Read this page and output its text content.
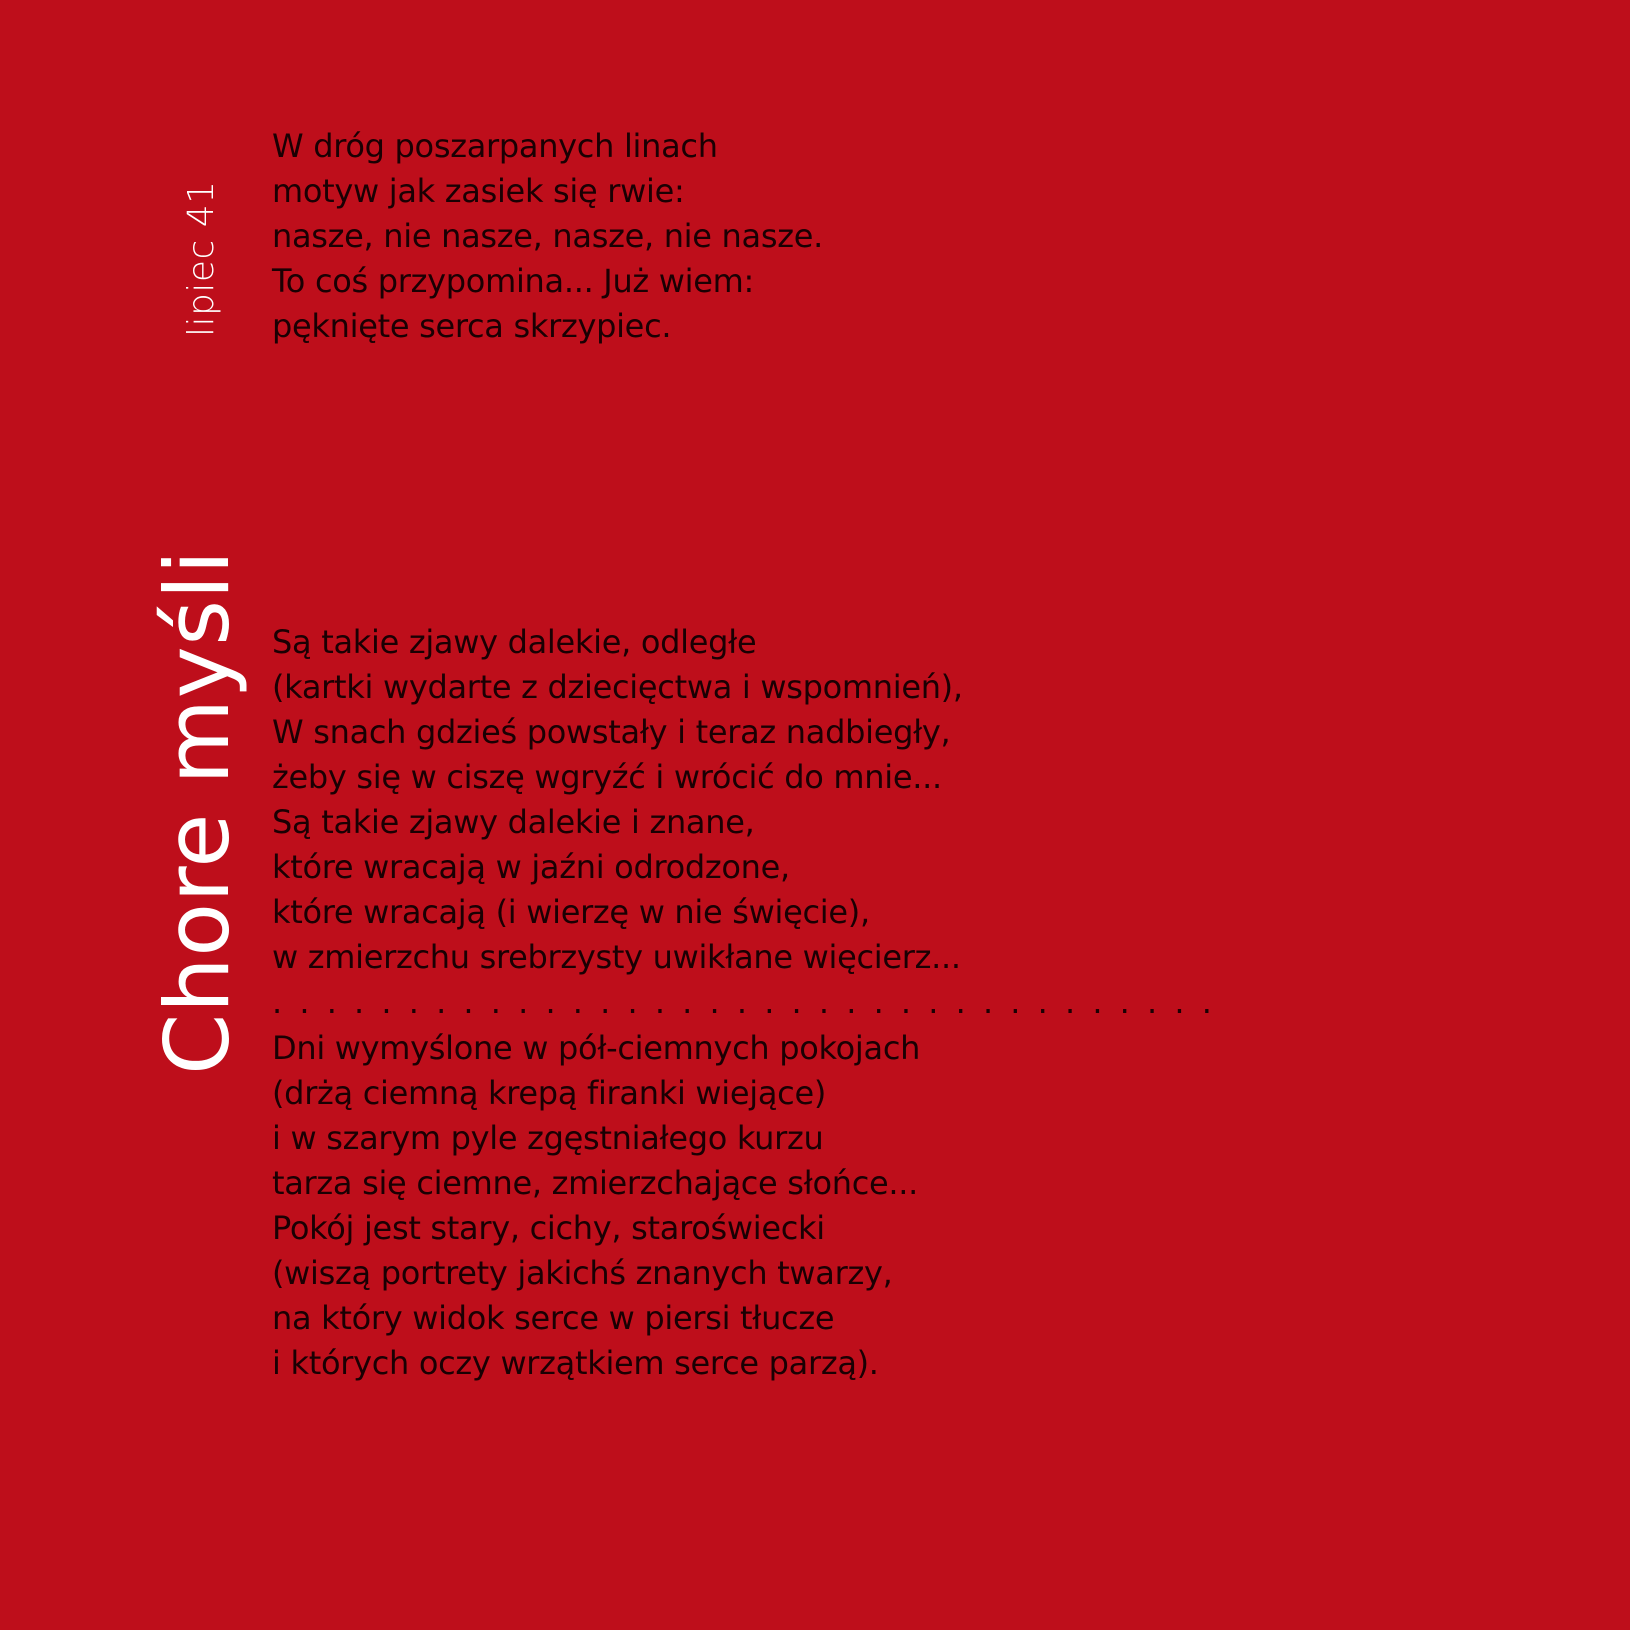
lipiec 41
Chore myśli
W dróg poszarpanych linach
motyw jak zasiek się rwie:
nasze, nie nasze, nasze, nie nasze.
To coś przypomina... Już wiem:
pęknięte serca skrzypiec.
Są takie zjawy dalekie, odległe
(kartki wydarte z dziecięctwa i wspomnień),
W snach gdzieś powstały i teraz nadbiegły,
żeby się w ciszę wgryźć i wrócić do mnie...
Są takie zjawy dalekie i znane,
które wracają w jaźni odrodzone,
które wracają (i wierzę w nie święcie),
w zmierzchu srebrzysty uwikłane więcierz...
. . . . . . . . . . . . . . . . . . . . . . . . . . . . . . . . . . .
Dni wymyślone w pół-ciemnych pokojach
(drżą ciemną krepą firanki wiejące)
i w szarym pyle zgęstniałego kurzu
tarza się ciemne, zmierzchające słońce...
Pokój jest stary, cichy, staroświecki
(wiszą portrety jakichś znanych twarzy,
na który widok serce w piersi tłucze
i których oczy wrzątkiem serce parzą).
